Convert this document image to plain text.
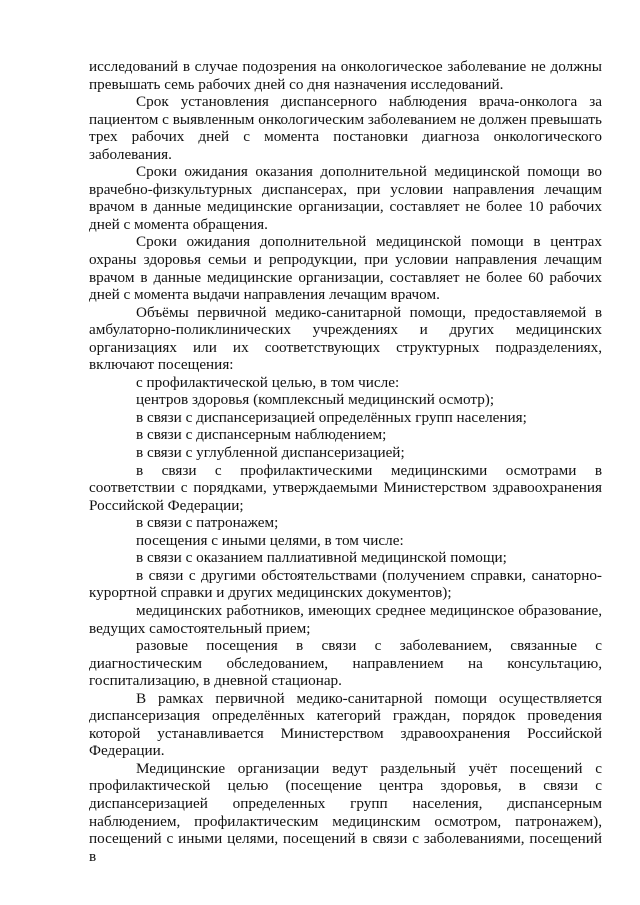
исследований в случае подозрения на онкологическое заболевание не должны превышать семь рабочих дней со дня назначения исследований.

Срок установления диспансерного наблюдения врача-онколога за пациентом с выявленным онкологическим заболеванием не должен превышать трех рабочих дней с момента постановки диагноза онкологического заболевания.

Сроки ожидания оказания дополнительной медицинской помощи во врачебно-физкультурных диспансерах, при условии направления лечащим врачом в данные медицинские организации, составляет не более 10 рабочих дней с момента обращения.

Сроки ожидания дополнительной медицинской помощи в центрах охраны здоровья семьи и репродукции, при условии направления лечащим врачом в данные медицинские организации, составляет не более 60 рабочих дней с момента выдачи направления лечащим врачом.

Объёмы первичной медико-санитарной помощи, предоставляемой в амбулаторно-поликлинических учреждениях и других медицинских организациях или их соответствующих структурных подразделениях, включают посещения:

с профилактической целью, в том числе:

центров здоровья (комплексный медицинский осмотр);

в связи с диспансеризацией определённых групп населения;

в связи с диспансерным наблюдением;

в связи с углубленной диспансеризацией;

в связи с профилактическими медицинскими осмотрами в соответствии с порядками, утверждаемыми Министерством здравоохранения Российской Федерации;

в связи с патронажем;

посещения с иными целями, в том числе:

в связи с оказанием паллиативной медицинской помощи;

в связи с другими обстоятельствами (получением справки, санаторно-курортной справки и других медицинских документов);

медицинских работников, имеющих среднее медицинское образование, ведущих самостоятельный прием;

разовые посещения в связи с заболеванием, связанные с диагностическим обследованием, направлением на консультацию, госпитализацию, в дневной стационар.

В рамках первичной медико-санитарной помощи осуществляется диспансеризация определённых категорий граждан, порядок проведения которой устанавливается Министерством здравоохранения Российской Федерации.

Медицинские организации ведут раздельный учёт посещений с профилактической целью (посещение центра здоровья, в связи с диспансеризацией определенных групп населения, диспансерным наблюдением, профилактическим медицинским осмотром, патронажем), посещений с иными целями, посещений в связи с заболеваниями, посещений в
